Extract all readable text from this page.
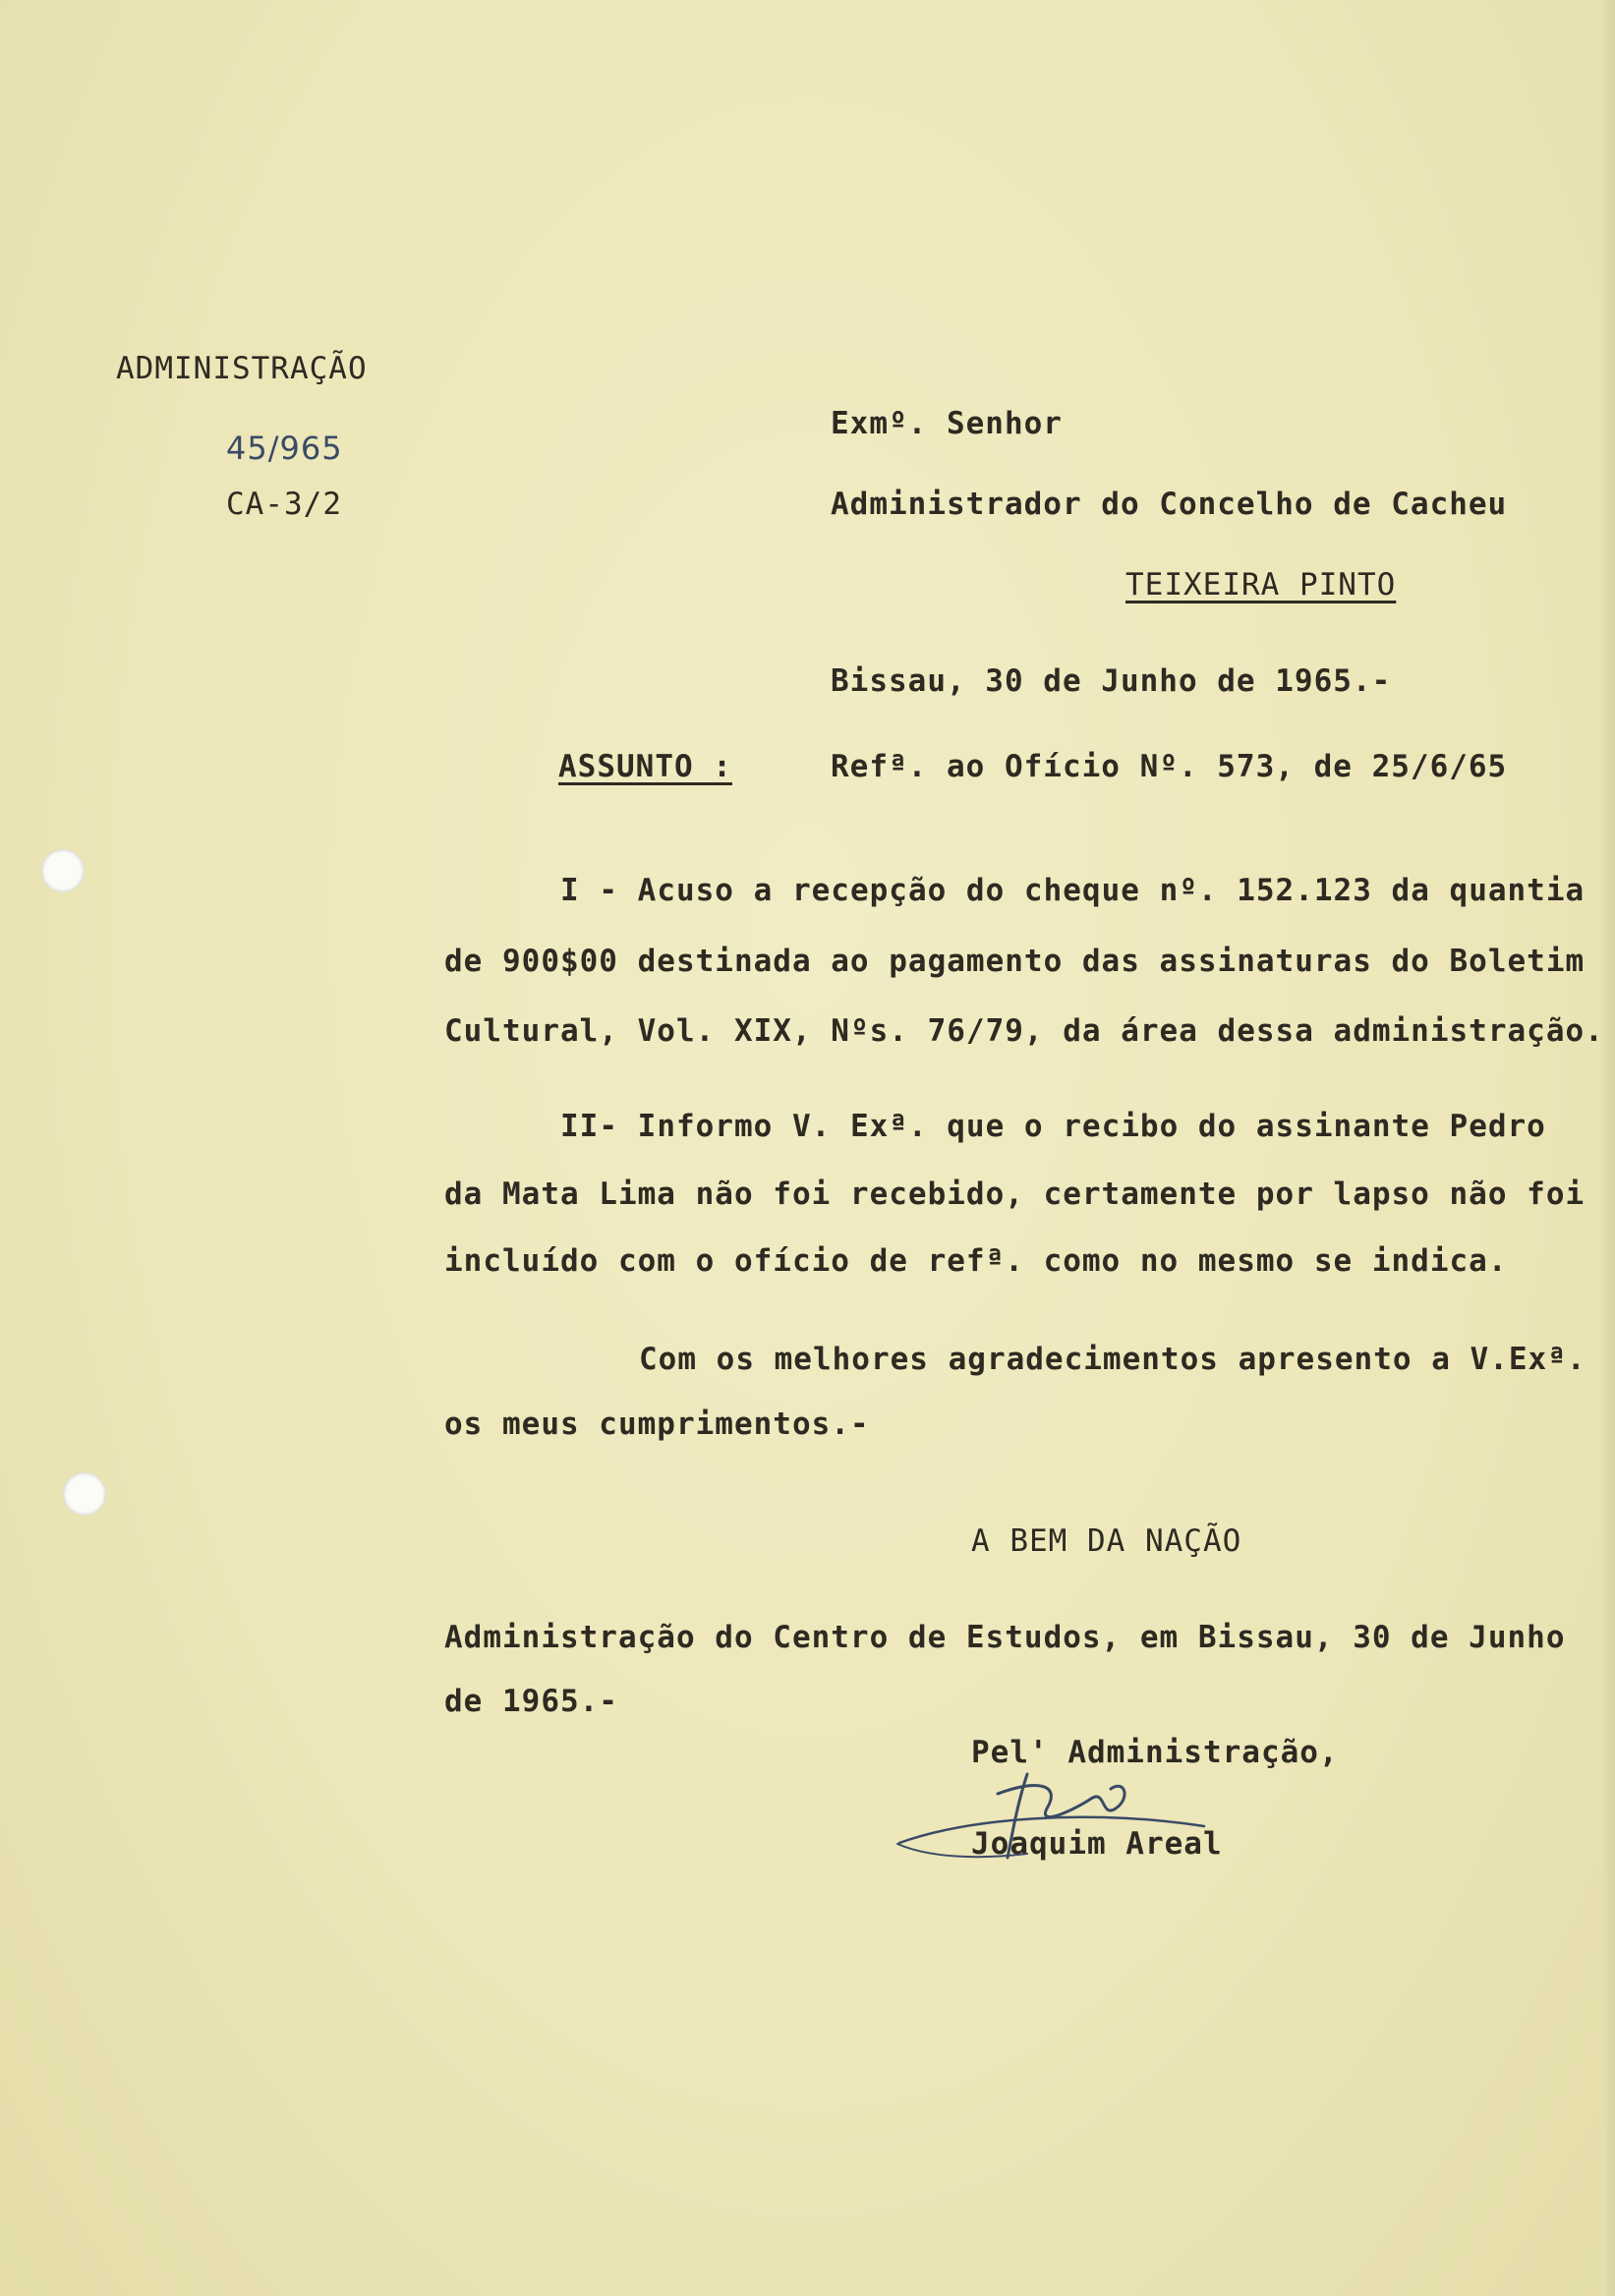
ADMINISTRAÇÃO
45/965
CA-3/2
Exmº. Senhor
Administrador do Concelho de Cacheu
TEIXEIRA PINTO
Bissau, 30 de Junho de 1965.-
ASSUNTO :	Refª. ao Ofício Nº. 573, de 25/6/65
I - Acuso a recepção do cheque nº. 152.123 da quantia
de 900$00 destinada ao pagamento das assinaturas do Boletim
Cultural, Vol. XIX, Nºs. 76/79, da área dessa administração.
II- Informo V. Exª. que o recibo do assinante Pedro
da Mata Lima não foi recebido, certamente por lapso não foi
incluído com o ofício de refª. como no mesmo se indica.
Com os melhores agradecimentos apresento a V.Exª.
os meus cumprimentos.-
A BEM DA NAÇÃO
Administração do Centro de Estudos, em Bissau, 30 de Junho
de 1965.-
Pel' Administração,
Joaquim Areal
